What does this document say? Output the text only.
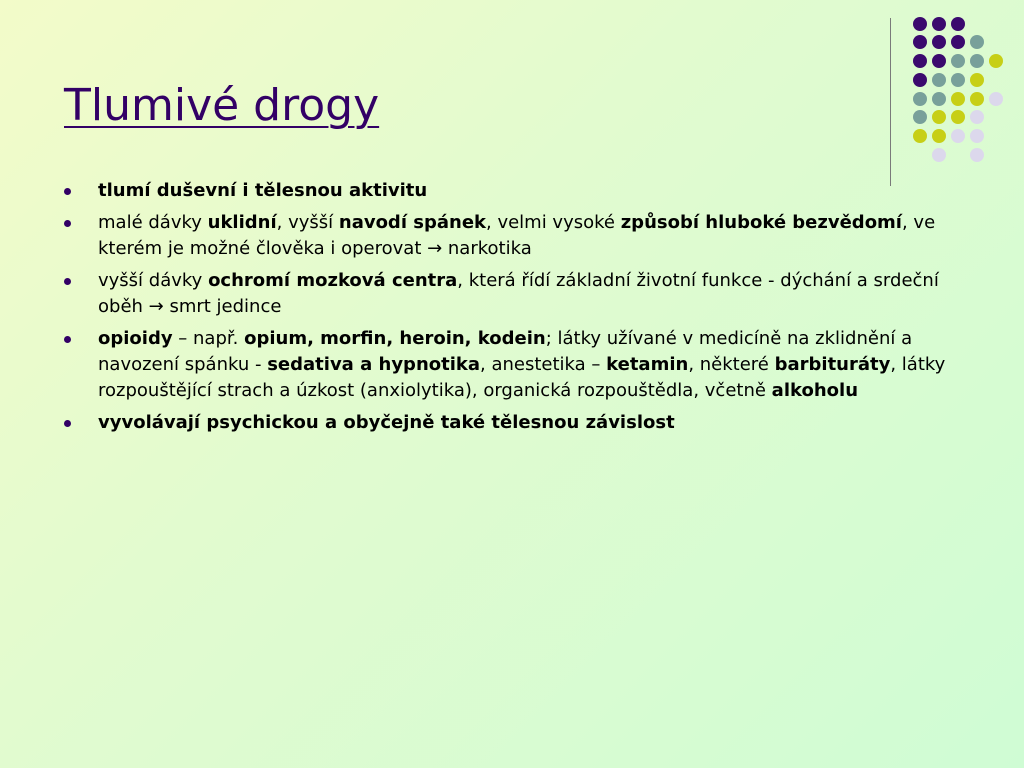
Tlumivé drogy
tlumí duševní i tělesnou aktivitu
malé dávky uklidní, vyšší navodí spánek, velmi vysoké způsobí hluboké bezvědomí, ve kterém je možné člověka i operovat → narkotika
vyšší dávky ochromí mozková centra, která řídí základní životní funkce - dýchání a srdeční oběh → smrt jedince
opioidy – např. opium, morfin, heroin, kodein; látky užívané v medicíně na zklidnění a navození spánku - sedativa a hypnotika, anestetika – ketamin, některé barbituráty, látky rozpouštějící strach a úzkost (anxiolytika), organická rozpouštědla, včetně alkoholu
vyvolávají psychickou a obyčejně také tělesnou závislost
